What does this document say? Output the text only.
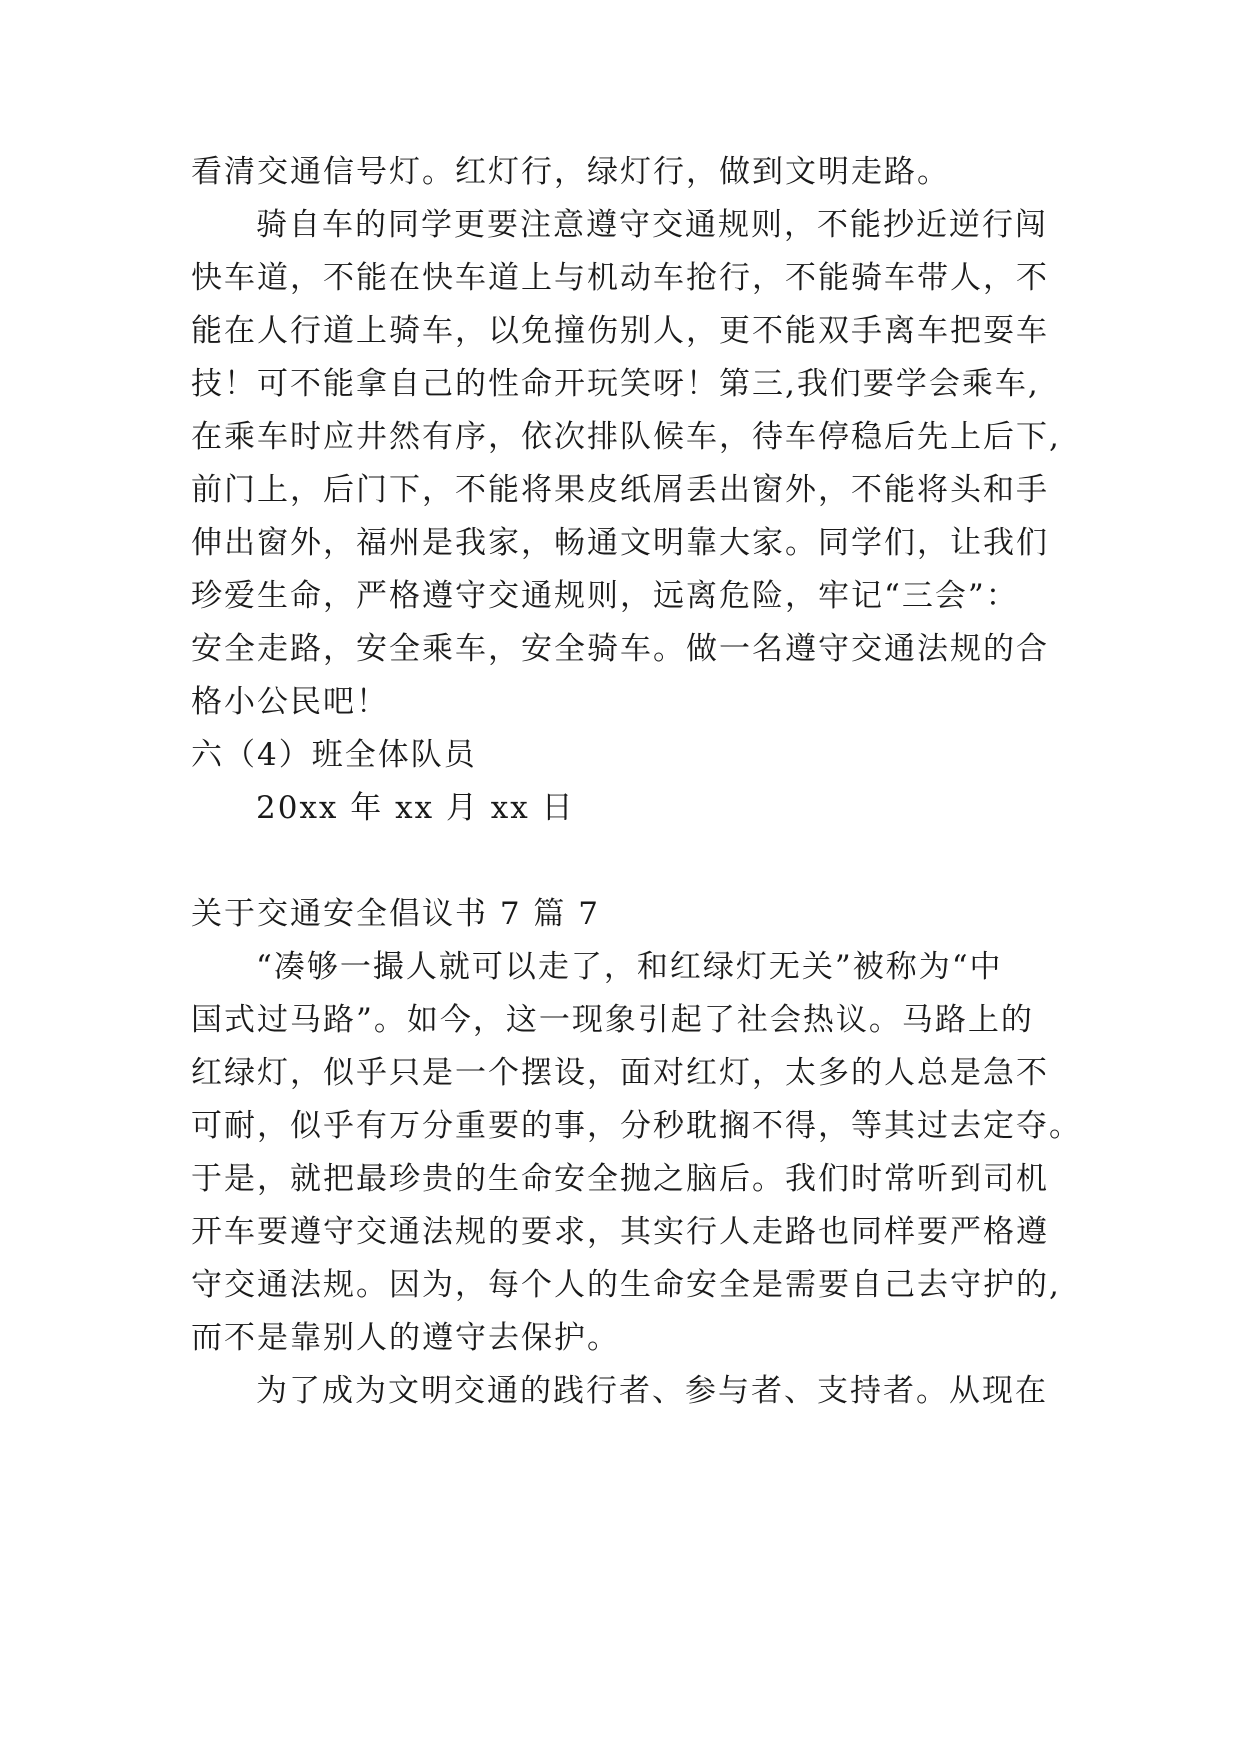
看清交通信号灯。红灯行，绿灯行，做到文明走路。
骑自车的同学更要注意遵守交通规则，不能抄近逆行闯
快车道，不能在快车道上与机动车抢行，不能骑车带人，不
能在人行道上骑车，以免撞伤别人，更不能双手离车把耍车
技！可不能拿自己的性命开玩笑呀！第三,我们要学会乘车,
在乘车时应井然有序，依次排队候车，待车停稳后先上后下,
前门上，后门下，不能将果皮纸屑丢出窗外，不能将头和手
伸出窗外，福州是我家，畅通文明靠大家。同学们，让我们
珍爱生命，严格遵守交通规则，远离危险，牢记“三会”：
安全走路，安全乘车，安全骑车。做一名遵守交通法规的合
格小公民吧！
六（4）班全体队员
20xx 年 xx 月 xx 日
关于交通安全倡议书 7 篇 7
“凑够一撮人就可以走了，和红绿灯无关”被称为“中
国式过马路”。如今，这一现象引起了社会热议。马路上的
红绿灯，似乎只是一个摆设，面对红灯，太多的人总是急不
可耐，似乎有万分重要的事，分秒耽搁不得，等其过去定夺。
于是，就把最珍贵的生命安全抛之脑后。我们时常听到司机
开车要遵守交通法规的要求，其实行人走路也同样要严格遵
守交通法规。因为，每个人的生命安全是需要自己去守护的,
而不是靠别人的遵守去保护。
为了成为文明交通的践行者、参与者、支持者。从现在
